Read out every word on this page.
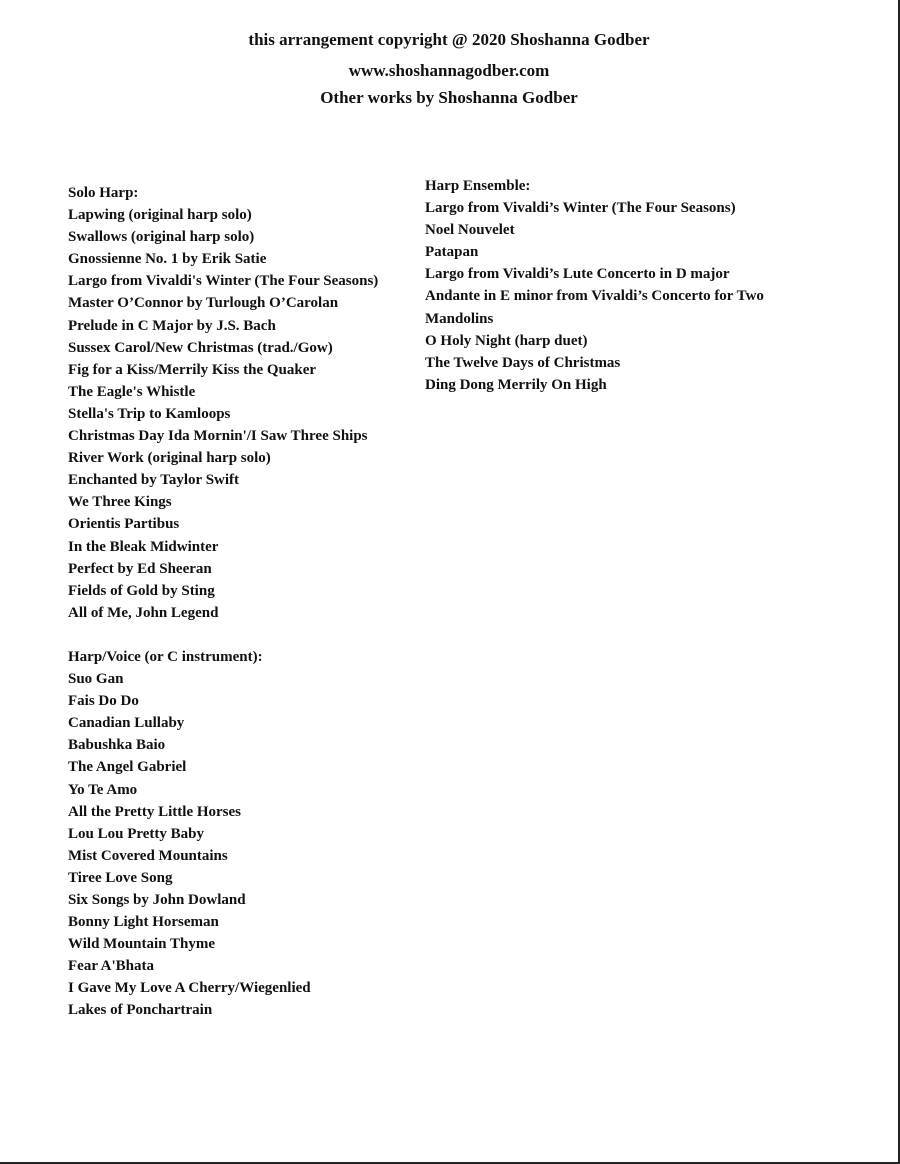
this arrangement copyright @ 2020 Shoshanna Godber
www.shoshannagodber.com
Other works by Shoshanna Godber
Solo Harp:
Lapwing (original harp solo)
Swallows (original harp solo)
Gnossienne No. 1 by Erik Satie
Largo from Vivaldi's Winter (The Four Seasons)
Master O’Connor by Turlough O’Carolan
Prelude in C Major by J.S. Bach
Sussex Carol/New Christmas (trad./Gow)
Fig for a Kiss/Merrily Kiss the Quaker
The Eagle's Whistle
Stella's Trip to Kamloops
Christmas Day Ida Mornin'/I Saw Three Ships
River Work (original harp solo)
Enchanted by Taylor Swift
We Three Kings
Orientis Partibus
In the Bleak Midwinter
Perfect by Ed Sheeran
Fields of Gold by Sting
All of Me, John Legend
Harp/Voice (or C instrument):
Suo Gan
Fais Do Do
Canadian Lullaby
Babushka Baio
The Angel Gabriel
Yo Te Amo
All the Pretty Little Horses
Lou Lou Pretty Baby
Mist Covered Mountains
Tiree Love Song
Six Songs by John Dowland
Bonny Light Horseman
Wild Mountain Thyme
Fear A'Bhata
I Gave My Love A Cherry/Wiegenlied
Lakes of Ponchartrain
Harp Ensemble:
Largo from Vivaldi’s Winter (The Four Seasons)
Noel Nouvelet
Patapan
Largo from Vivaldi’s Lute Concerto in D major
Andante in E minor from Vivaldi’s Concerto for Two
Mandolins
O Holy Night (harp duet)
The Twelve Days of Christmas
Ding Dong Merrily On High
